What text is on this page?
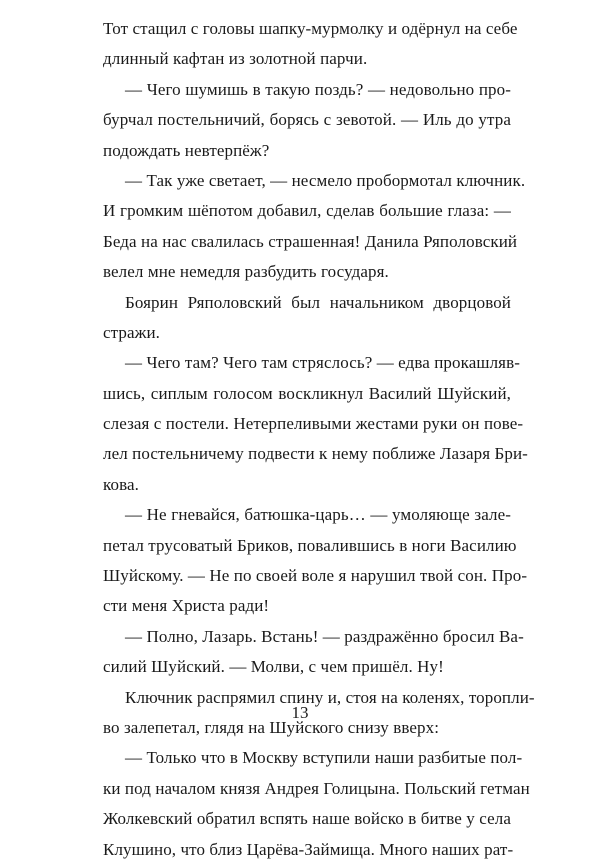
Тот стащил с головы шапку-мурмолку и одёрнул на себе
длинный кафтан из золотной парчи.
— Чего шумишь в такую поздь? — недовольно про-
бурчал постельничий, борясь с зевотой. — Иль до утра
подождать невтерпёж?
— Так уже светает, — несмело пробормотал ключник.
И громким шёпотом добавил, сделав большие глаза: —
Беда на нас свалилась страшенная! Данила Ряполовский
велел мне немедля разбудить государя.
Боярин Ряполовский был начальником дворцовой
стражи.
— Чего там? Чего там стряслось? — едва прокашляв-
шись, сиплым голосом воскликнул Василий Шуйский,
слезая с постели. Нетерпеливыми жестами руки он пове-
лел постельничему подвести к нему поближе Лазаря Бри-
кова.
— Не гневайся, батюшка-царь… — умоляюще зале-
петал трусоватый Бриков, повалившись в ноги Василию
Шуйскому. — Не по своей воле я нарушил твой сон. Про-
сти меня Христа ради!
— Полно, Лазарь. Встань! — раздражённо бросил Ва-
силий Шуйский. — Молви, с чем пришёл. Ну!
Ключник распрямил спину и, стоя на коленях, торопли-
во залепетал, глядя на Шуйского снизу вверх:
— Только что в Москву вступили наши разбитые пол-
ки под началом князя Андрея Голицына. Польский гетман
Жолкевский обратил вспять наше войско в битве у села
Клушино, что близ Царёва-Займища. Много наших рат-
13
